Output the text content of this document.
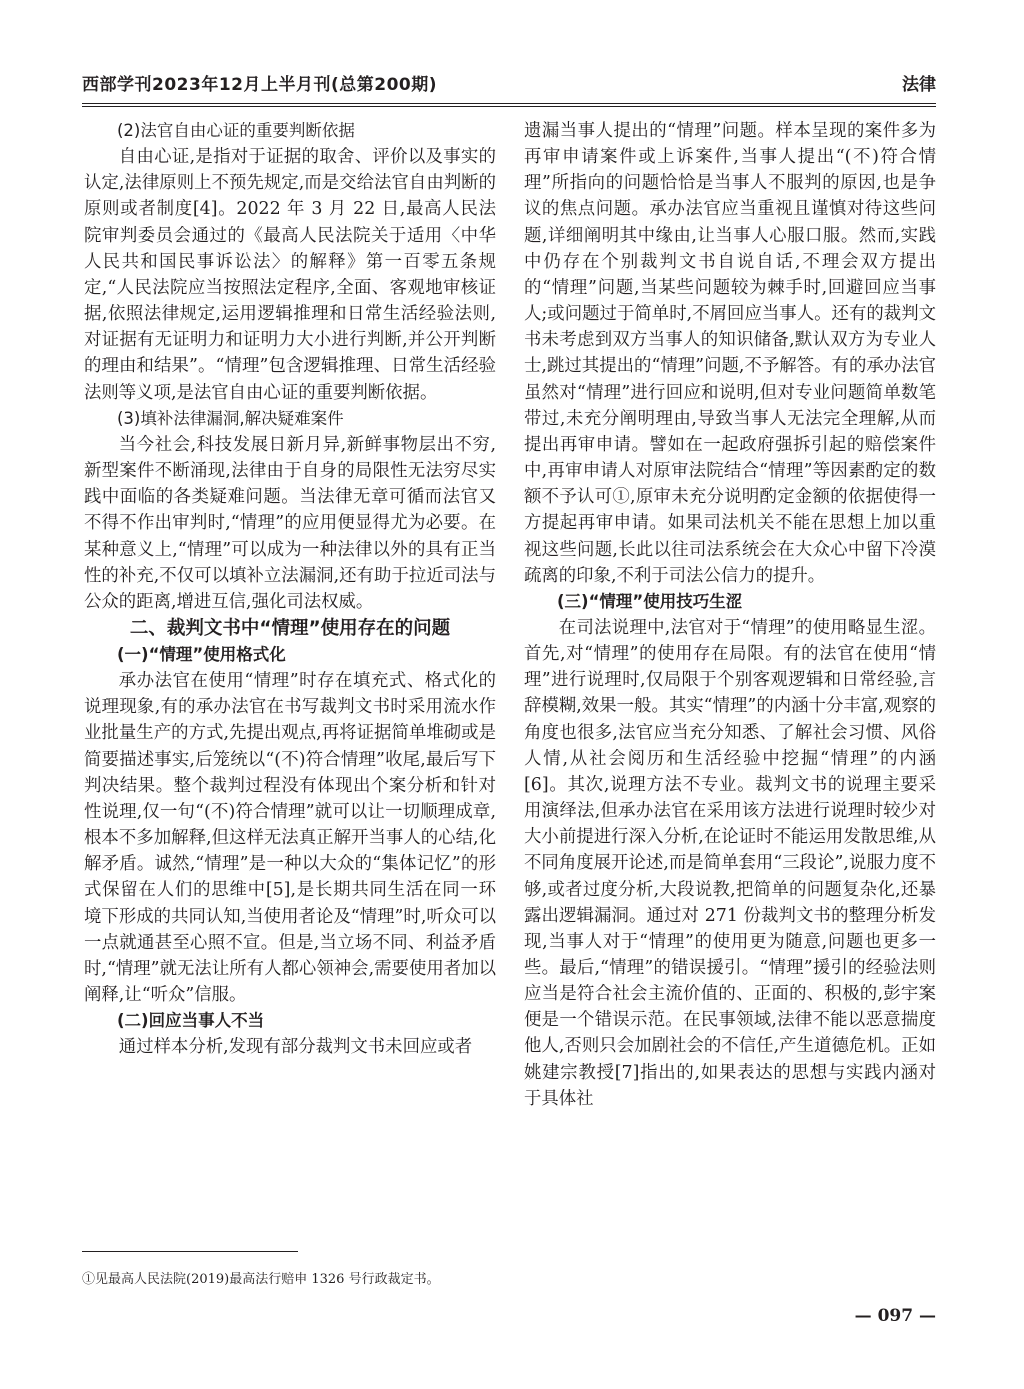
西部学刊2023年12月上半月刊(总第200期)	法律
(2)法官自由心证的重要判断依据

自由心证,是指对于证据的取舍、评价以及事实的认定,法律原则上不预先规定,而是交给法官自由判断的原则或者制度[4]。2022 年 3 月 22 日,最高人民法院审判委员会通过的《最高人民法院关于适用〈中华人民共和国民事诉讼法〉的解释》第一百零五条规定,“人民法院应当按照法定程序,全面、客观地审核证据,依照法律规定,运用逻辑推理和日常生活经验法则,对证据有无证明力和证明力大小进行判断,并公开判断的理由和结果”。“情理”包含逻辑推理、日常生活经验法则等义项,是法官自由心证的重要判断依据。

(3)填补法律漏洞,解决疑难案件

当今社会,科技发展日新月异,新鲜事物层出不穷,新型案件不断涌现,法律由于自身的局限性无法穷尽实践中面临的各类疑难问题。当法律无章可循而法官又不得不作出审判时,“情理”的应用便显得尤为必要。在某种意义上,“情理”可以成为一种法律以外的具有正当性的补充,不仅可以填补立法漏洞,还有助于拉近司法与公众的距离,增进互信,强化司法权威。

二、裁判文书中“情理”使用存在的问题
(一)“情理”使用格式化

承办法官在使用“情理”时存在填充式、格式化的说理现象,有的承办法官在书写裁判文书时采用流水作业批量生产的方式,先提出观点,再将证据简单堆砌或是简要描述事实,后笼统以“(不)符合情理”收尾,最后写下判决结果。整个裁判过程没有体现出个案分析和针对性说理,仅一句“(不)符合情理”就可以让一切顺理成章,根本不多加解释,但这样无法真正解开当事人的心结,化解矛盾。诚然,“情理”是一种以大众的“集体记忆”的形式保留在人们的思维中[5],是长期共同生活在同一环境下形成的共同认知,当使用者论及“情理”时,听众可以一点就通甚至心照不宣。但是,当立场不同、利益矛盾时,“情理”就无法让所有人都心领神会,需要使用者加以阐释,让“听众”信服。

(二)回应当事人不当

通过样本分析,发现有部分裁判文书未回应或者

遗漏当事人提出的“情理”问题。样本呈现的案件多为再审申请案件或上诉案件,当事人提出“(不)符合情理”所指向的问题恰恰是当事人不服判的原因,也是争议的焦点问题。承办法官应当重视且谨慎对待这些问题,详细阐明其中缘由,让当事人心服口服。然而,实践中仍存在个别裁判文书自说自话,不理会双方提出的“情理”问题,当某些问题较为棘手时,回避回应当事人;或问题过于简单时,不屑回应当事人。还有的裁判文书未考虑到双方当事人的知识储备,默认双方为专业人士,跳过其提出的“情理”问题,不予解答。有的承办法官虽然对“情理”进行回应和说明,但对专业问题简单数笔带过,未充分阐明理由,导致当事人无法完全理解,从而提出再审申请。譬如在一起政府强拆引起的赔偿案件中,再审申请人对原审法院结合“情理”等因素酌定的数额不予认可①,原审未充分说明酌定金额的依据使得一方提起再审申请。如果司法机关不能在思想上加以重视这些问题,长此以往司法系统会在大众心中留下冷漠疏离的印象,不利于司法公信力的提升。

(三)“情理”使用技巧生涩

在司法说理中,法官对于“情理”的使用略显生涩。首先,对“情理”的使用存在局限。有的法官在使用“情理”进行说理时,仅局限于个别客观逻辑和日常经验,言辞模糊,效果一般。其实“情理”的内涵十分丰富,观察的角度也很多,法官应当充分知悉、了解社会习惯、风俗人情,从社会阅历和生活经验中挖掘“情理”的内涵[6]。其次,说理方法不专业。裁判文书的说理主要采用演绎法,但承办法官在采用该方法进行说理时较少对大小前提进行深入分析,在论证时不能运用发散思维,从不同角度展开论述,而是简单套用“三段论”,说服力度不够,或者过度分析,大段说教,把简单的问题复杂化,还暴露出逻辑漏洞。通过对 271 份裁判文书的整理分析发现,当事人对于“情理”的使用更为随意,问题也更多一些。最后,“情理”的错误援引。“情理”援引的经验法则应当是符合社会主流价值的、正面的、积极的,彭宇案便是一个错误示范。在民事领域,法律不能以恶意揣度他人,否则只会加剧社会的不信任,产生道德危机。正如姚建宗教授[7]指出的,如果表达的思想与实践内涵对于具体社

①见最高人民法院(2019)最高法行赔申 1326 号行政裁定书。
— 097 —
